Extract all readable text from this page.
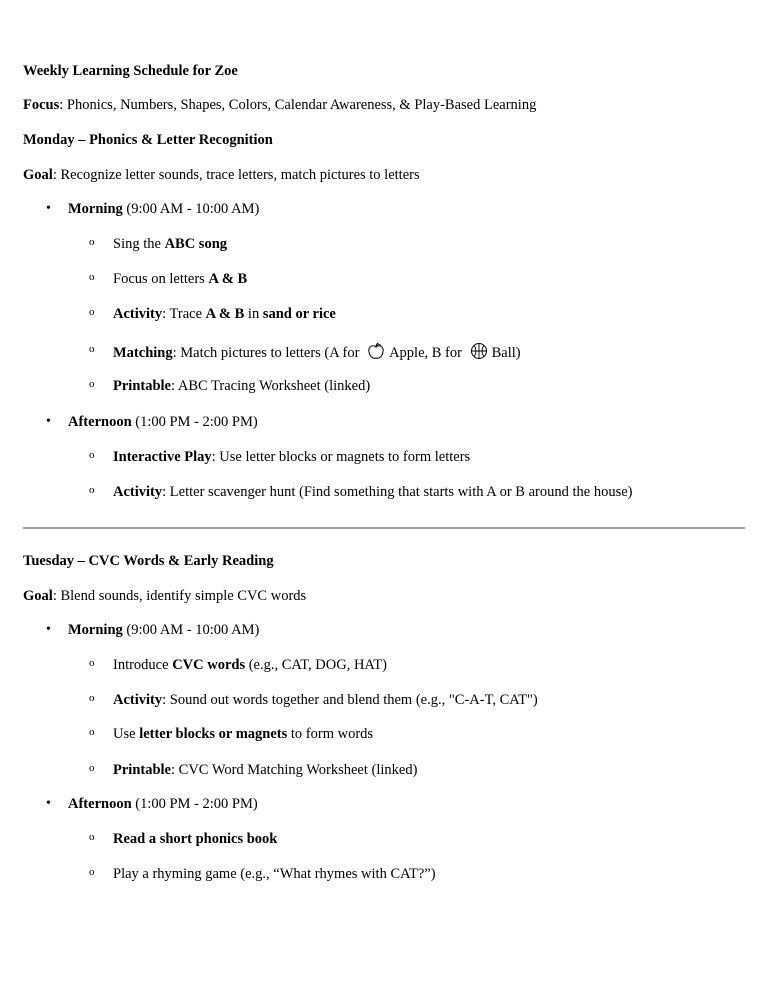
Weekly Learning Schedule for Zoe
Focus: Phonics, Numbers, Shapes, Colors, Calendar Awareness, & Play-Based Learning
Monday – Phonics & Letter Recognition
Goal: Recognize letter sounds, trace letters, match pictures to letters
• Morning (9:00 AM - 10:00 AM)
o Sing the ABC song
o Focus on letters A & B
o Activity: Trace A & B in sand or rice
o Matching: Match pictures to letters (A for Apple, B for Ball)
o Printable: ABC Tracing Worksheet (linked)
• Afternoon (1:00 PM - 2:00 PM)
o Interactive Play: Use letter blocks or magnets to form letters
o Activity: Letter scavenger hunt (Find something that starts with A or B around the house)
Tuesday – CVC Words & Early Reading
Goal: Blend sounds, identify simple CVC words
• Morning (9:00 AM - 10:00 AM)
o Introduce CVC words (e.g., CAT, DOG, HAT)
o Activity: Sound out words together and blend them (e.g., "C-A-T, CAT")
o Use letter blocks or magnets to form words
o Printable: CVC Word Matching Worksheet (linked)
• Afternoon (1:00 PM - 2:00 PM)
o Read a short phonics book
o Play a rhyming game (e.g., “What rhymes with CAT?”)
